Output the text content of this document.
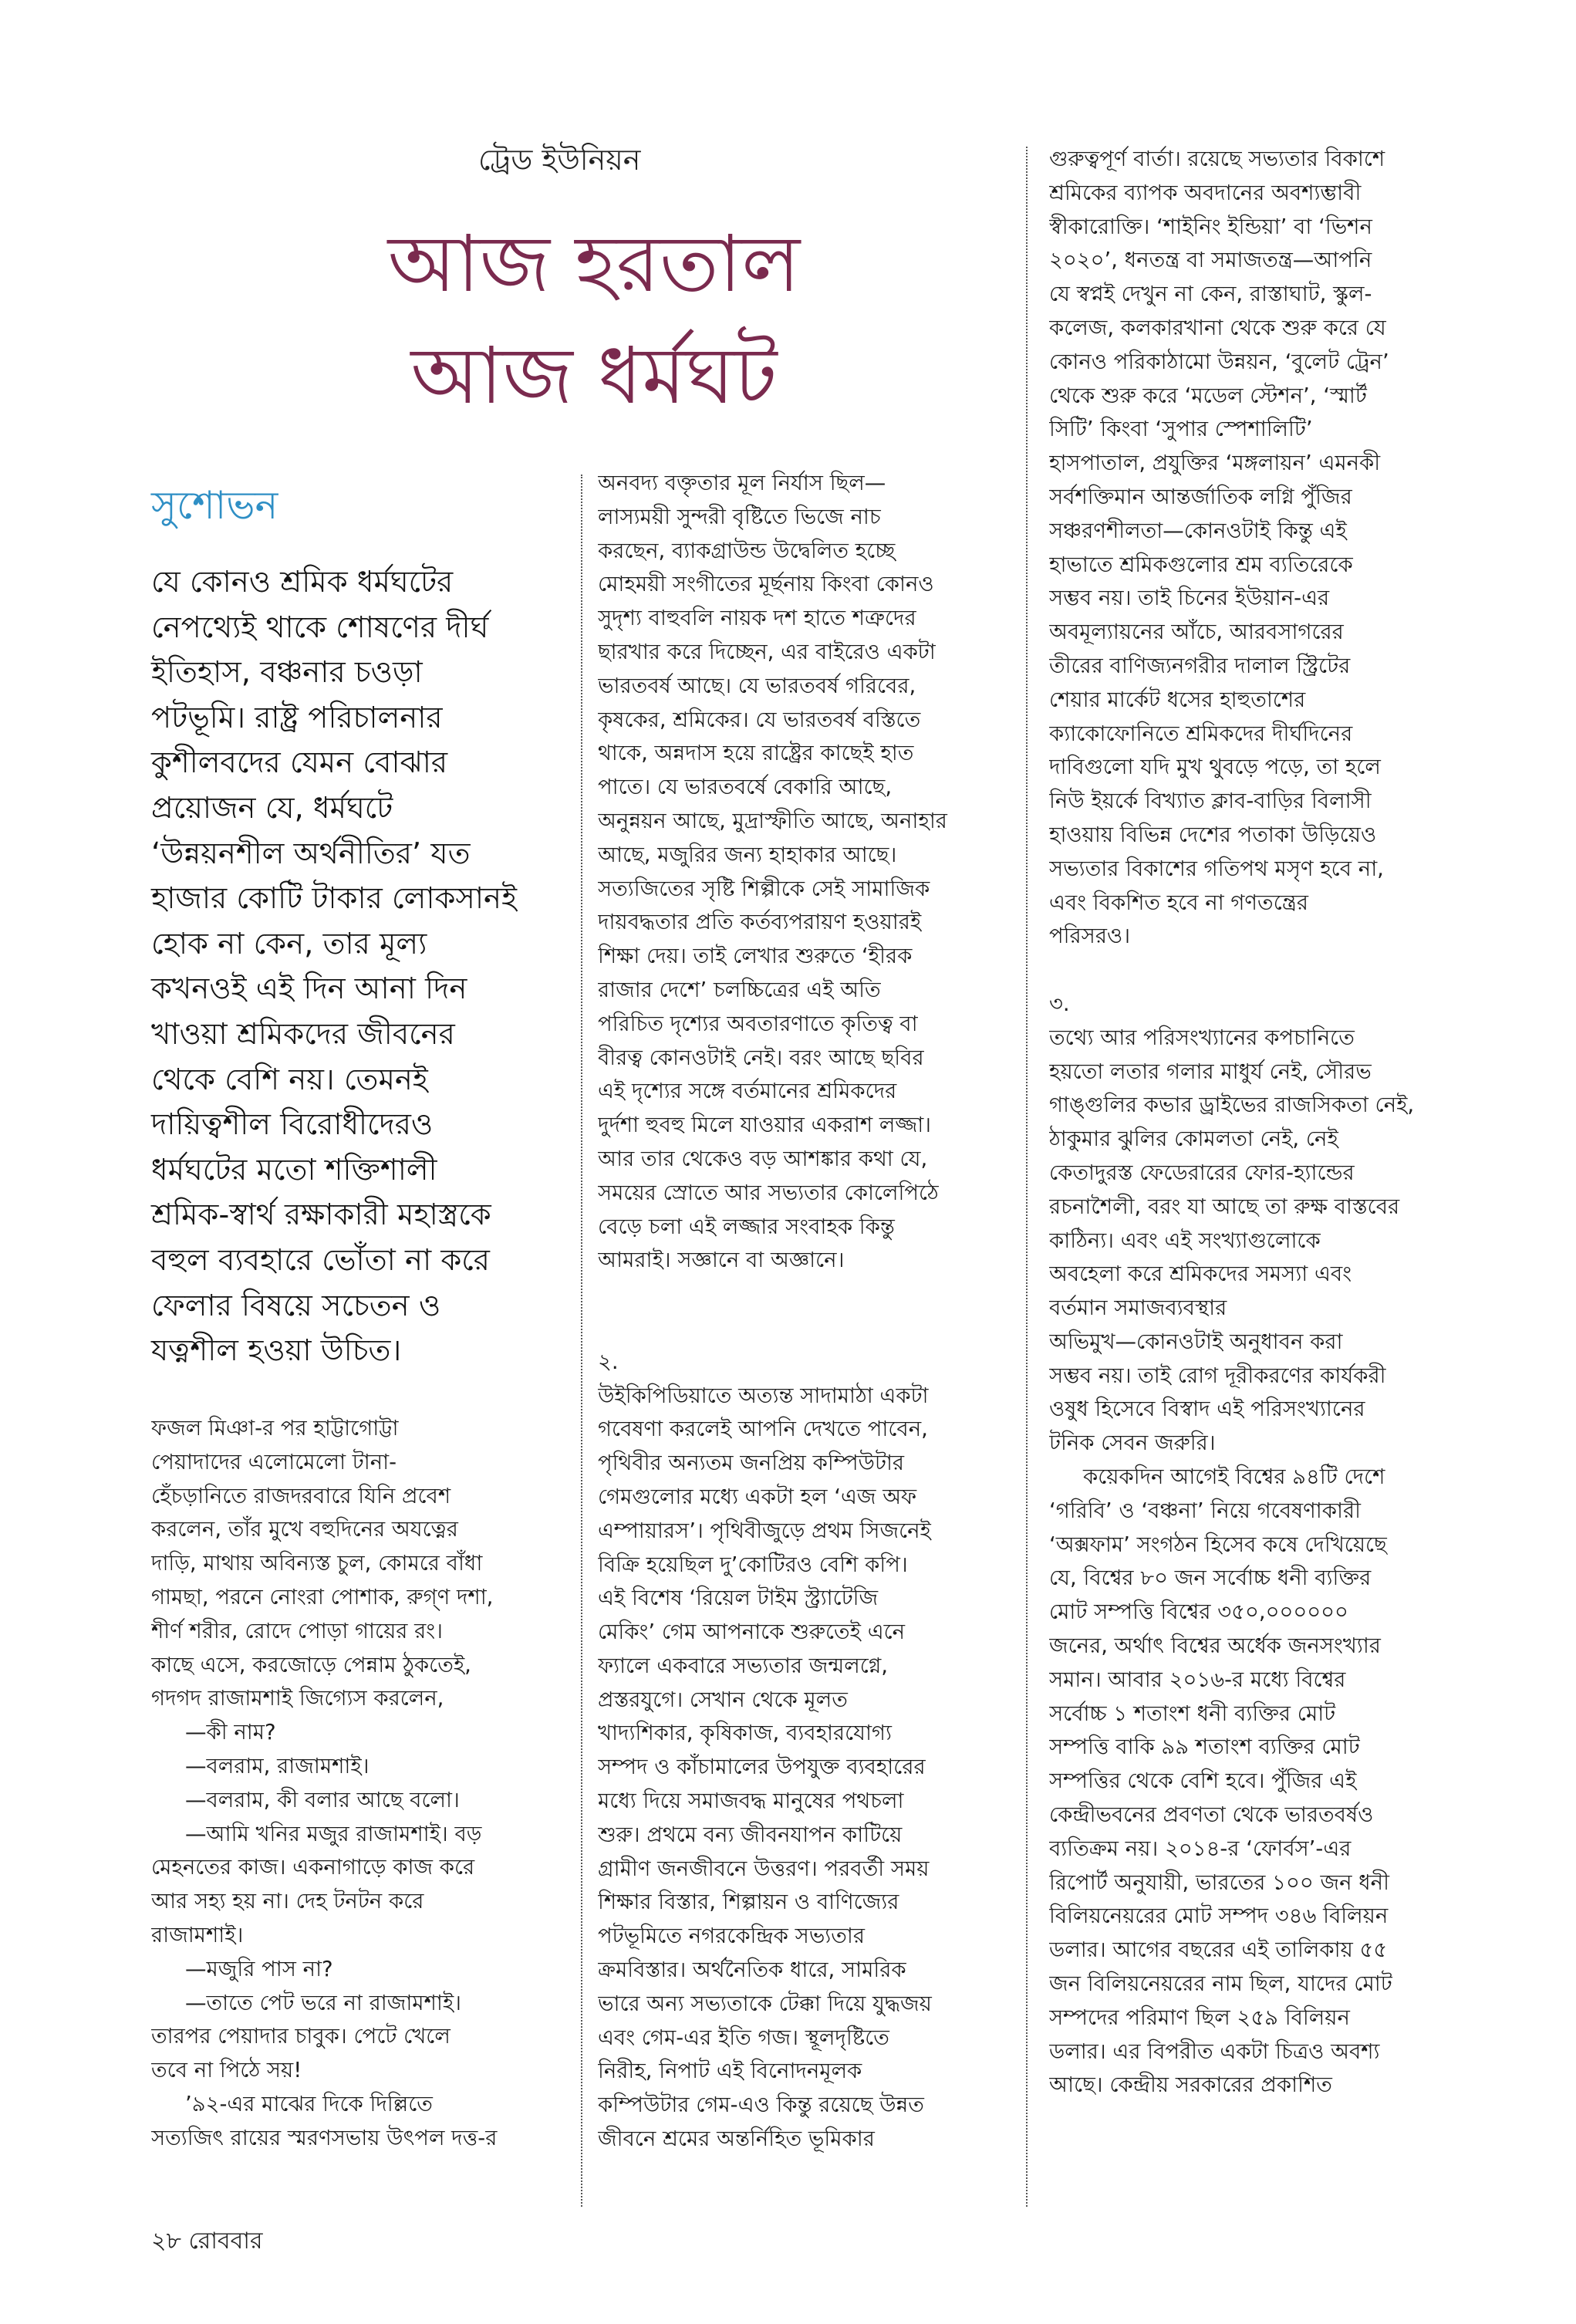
ট্রেড ইউনিয়ন
আজ হরতাল
আজ ধর্মঘট
সুশোভন
যে কোনও শ্রমিক ধর্মঘটের
নেপথ্যেই থাকে শোষণের দীর্ঘ
ইতিহাস, বঞ্চনার চওড়া
পটভূমি। রাষ্ট্র পরিচালনার
কুশীলবদের যেমন বোঝার
প্রয়োজন যে, ধর্মঘটে
‘উন্নয়নশীল অর্থনীতির’ যত
হাজার কোটি টাকার লোকসানই
হোক না কেন, তার মূল্য
কখনওই এই দিন আনা দিন
খাওয়া শ্রমিকদের জীবনের
থেকে বেশি নয়। তেমনই
দায়িত্বশীল বিরোধীদেরও
ধর্মঘটের মতো শক্তিশালী
শ্রমিক-স্বার্থ রক্ষাকারী মহাস্ত্রকে
বহুল ব্যবহারে ভোঁতা না করে
ফেলার বিষয়ে সচেতন ও
যত্নশীল হওয়া উচিত।
ফজল মিঞা-র পর হাট্টাগোট্টা
পেয়াদাদের এলোমেলো টানা-
হেঁচড়ানিতে রাজদরবারে যিনি প্রবেশ
করলেন, তাঁর মুখে বহুদিনের অযত্নের
দাড়ি, মাথায় অবিন্যস্ত চুল, কোমরে বাঁধা
গামছা, পরনে নোংরা পোশাক, রুগ্ণ দশা,
শীর্ণ শরীর, রোদে পোড়া গায়ের রং।
কাছে এসে, করজোড়ে পেন্নাম ঠুকতেই,
গদগদ রাজামশাই জিগ্যেস করলেন,
—কী নাম?
—বলরাম, রাজামশাই।
—বলরাম, কী বলার আছে বলো।
—আমি খনির মজুর রাজামশাই। বড়
মেহনতের কাজ। একনাগাড়ে কাজ করে
আর সহ্য হয় না। দেহ টনটন করে
রাজামশাই।
—মজুরি পাস না?
—তাতে পেট ভরে না রাজামশাই।
তারপর পেয়াদার চাবুক। পেটে খেলে
তবে না পিঠে সয়!
’৯২-এর মাঝের দিকে দিল্লিতে
সত্যজিৎ রায়ের স্মরণসভায় উৎপল দত্ত-র
অনবদ্য বক্তৃতার মূল নির্যাস ছিল—
লাস্যময়ী সুন্দরী বৃষ্টিতে ভিজে নাচ
করছেন, ব্যাকগ্রাউন্ড উদ্বেলিত হচ্ছে
মোহময়ী সংগীতের মূর্ছনায় কিংবা কোনও
সুদৃশ্য বাহুবলি নায়ক দশ হাতে শত্রুদের
ছারখার করে দিচ্ছেন, এর বাইরেও একটা
ভারতবর্ষ আছে। যে ভারতবর্ষ গরিবের,
কৃষকের, শ্রমিকের। যে ভারতবর্ষ বস্তিতে
থাকে, অন্নদাস হয়ে রাষ্ট্রের কাছেই হাত
পাতে। যে ভারতবর্ষে বেকারি আছে,
অনুন্নয়ন আছে, মুদ্রাস্ফীতি আছে, অনাহার
আছে, মজুরির জন্য হাহাকার আছে।
সত্যজিতের সৃষ্টি শিল্পীকে সেই সামাজিক
দায়বদ্ধতার প্রতি কর্তব্যপরায়ণ হওয়ারই
শিক্ষা দেয়। তাই লেখার শুরুতে ‘হীরক
রাজার দেশে’ চলচ্চিত্রের এই অতি
পরিচিত দৃশ্যের অবতারণাতে কৃতিত্ব বা
বীরত্ব কোনওটাই নেই। বরং আছে ছবির
এই দৃশ্যের সঙ্গে বর্তমানের শ্রমিকদের
দুর্দশা হুবহু মিলে যাওয়ার একরাশ লজ্জা।
আর তার থেকেও বড় আশঙ্কার কথা যে,
সময়ের স্রোতে আর সভ্যতার কোলেপিঠে
বেড়ে চলা এই লজ্জার সংবাহক কিন্তু
আমরাই। সজ্ঞানে বা অজ্ঞানে।
২.
উইকিপিডিয়াতে অত্যন্ত সাদামাঠা একটা
গবেষণা করলেই আপনি দেখতে পাবেন,
পৃথিবীর অন্যতম জনপ্রিয় কম্পিউটার
গেমগুলোর মধ্যে একটা হল ‘এজ অফ
এম্পায়ারস’। পৃথিবীজুড়ে প্রথম সিজনেই
বিক্রি হয়েছিল দু’কোটিরও বেশি কপি।
এই বিশেষ ‘রিয়েল টাইম স্ট্র্যাটেজি
মেকিং’ গেম আপনাকে শুরুতেই এনে
ফ্যালে একবারে সভ্যতার জন্মলগ্নে,
প্রস্তরযুগে। সেখান থেকে মূলত
খাদ্যশিকার, কৃষিকাজ, ব্যবহারযোগ্য
সম্পদ ও কাঁচামালের উপযুক্ত ব্যবহারের
মধ্যে দিয়ে সমাজবদ্ধ মানুষের পথচলা
শুরু। প্রথমে বন্য জীবনযাপন কাটিয়ে
গ্রামীণ জনজীবনে উত্তরণ। পরবর্তী সময়
শিক্ষার বিস্তার, শিল্পায়ন ও বাণিজ্যের
পটভূমিতে নগরকেন্দ্রিক সভ্যতার
ক্রমবিস্তার। অর্থনৈতিক ধারে, সামরিক
ভারে অন্য সভ্যতাকে টেক্কা দিয়ে যুদ্ধজয়
এবং গেম-এর ইতি গজ। স্থূলদৃষ্টিতে
নিরীহ, নিপাট এই বিনোদনমূলক
কম্পিউটার গেম-এও কিন্তু রয়েছে উন্নত
জীবনে শ্রমের অন্তর্নিহিত ভূমিকার
গুরুত্বপূর্ণ বার্তা। রয়েছে সভ্যতার বিকাশে
শ্রমিকের ব্যাপক অবদানের অবশ্যম্ভাবী
স্বীকারোক্তি। ‘শাইনিং ইন্ডিয়া’ বা ‘ভিশন
২০২০’, ধনতন্ত্র বা সমাজতন্ত্র—আপনি
যে স্বপ্নই দেখুন না কেন, রাস্তাঘাট, স্কুল-
কলেজ, কলকারখানা থেকে শুরু করে যে
কোনও পরিকাঠামো উন্নয়ন, ‘বুলেট ট্রেন’
থেকে শুরু করে ‘মডেল স্টেশন’, ‘স্মার্ট
সিটি’ কিংবা ‘সুপার স্পেশালিটি’
হাসপাতাল, প্রযুক্তির ‘মঙ্গলায়ন’ এমনকী
সর্বশক্তিমান আন্তর্জাতিক লগ্নি পুঁজির
সঞ্চরণশীলতা—কোনওটাই কিন্তু এই
হাভাতে শ্রমিকগুলোর শ্রম ব্যতিরেকে
সম্ভব নয়। তাই চিনের ইউয়ান-এর
অবমূল্যায়নের আঁচে, আরবসাগরের
তীরের বাণিজ্যনগরীর দালাল স্ট্রিটের
শেয়ার মার্কেট ধসের হাহুতাশের
ক্যাকোফোনিতে শ্রমিকদের দীর্ঘদিনের
দাবিগুলো যদি মুখ থুবড়ে পড়ে, তা হলে
নিউ ইয়র্কে বিখ্যাত ক্লাব-বাড়ির বিলাসী
হাওয়ায় বিভিন্ন দেশের পতাকা উড়িয়েও
সভ্যতার বিকাশের গতিপথ মসৃণ হবে না,
এবং বিকশিত হবে না গণতন্ত্রের
পরিসরও।
৩.
তথ্যে আর পরিসংখ্যানের কপচানিতে
হয়তো লতার গলার মাধুর্য নেই, সৌরভ
গাঙ্গুলির কভার ড্রাইভের রাজসিকতা নেই,
ঠাকুমার ঝুলির কোমলতা নেই, নেই
কেতাদুরস্ত ফেডেরারের ফোর-হ্যান্ডের
রচনাশৈলী, বরং যা আছে তা রুক্ষ বাস্তবের
কাঠিন্য। এবং এই সংখ্যাগুলোকে
অবহেলা করে শ্রমিকদের সমস্যা এবং
বর্তমান সমাজব্যবস্থার
অভিমুখ—কোনওটাই অনুধাবন করা
সম্ভব নয়। তাই রোগ দূরীকরণের কার্যকরী
ওষুধ হিসেবে বিস্বাদ এই পরিসংখ্যানের
টনিক সেবন জরুরি।
কয়েকদিন আগেই বিশ্বের ৯৪টি দেশে
‘গরিবি’ ও ‘বঞ্চনা’ নিয়ে গবেষণাকারী
‘অক্সফাম’ সংগঠন হিসেব কষে দেখিয়েছে
যে, বিশ্বের ৮০ জন সর্বোচ্চ ধনী ব্যক্তির
মোট সম্পত্তি বিশ্বের ৩৫০,০০০০০০
জনের, অর্থাৎ বিশ্বের অর্ধেক জনসংখ্যার
সমান। আবার ২০১৬-র মধ্যে বিশ্বের
সর্বোচ্চ ১ শতাংশ ধনী ব্যক্তির মোট
সম্পত্তি বাকি ৯৯ শতাংশ ব্যক্তির মোট
সম্পত্তির থেকে বেশি হবে। পুঁজির এই
কেন্দ্রীভবনের প্রবণতা থেকে ভারতবর্ষও
ব্যতিক্রম নয়। ২০১৪-র ‘ফোর্বস’-এর
রিপোর্ট অনুযায়ী, ভারতের ১০০ জন ধনী
বিলিয়নেয়রের মোট সম্পদ ৩৪৬ বিলিয়ন
ডলার। আগের বছরের এই তালিকায় ৫৫
জন বিলিয়নেয়রের নাম ছিল, যাদের মোট
সম্পদের পরিমাণ ছিল ২৫৯ বিলিয়ন
ডলার। এর বিপরীত একটা চিত্রও অবশ্য
আছে। কেন্দ্রীয় সরকারের প্রকাশিত
২৮ রোববার
